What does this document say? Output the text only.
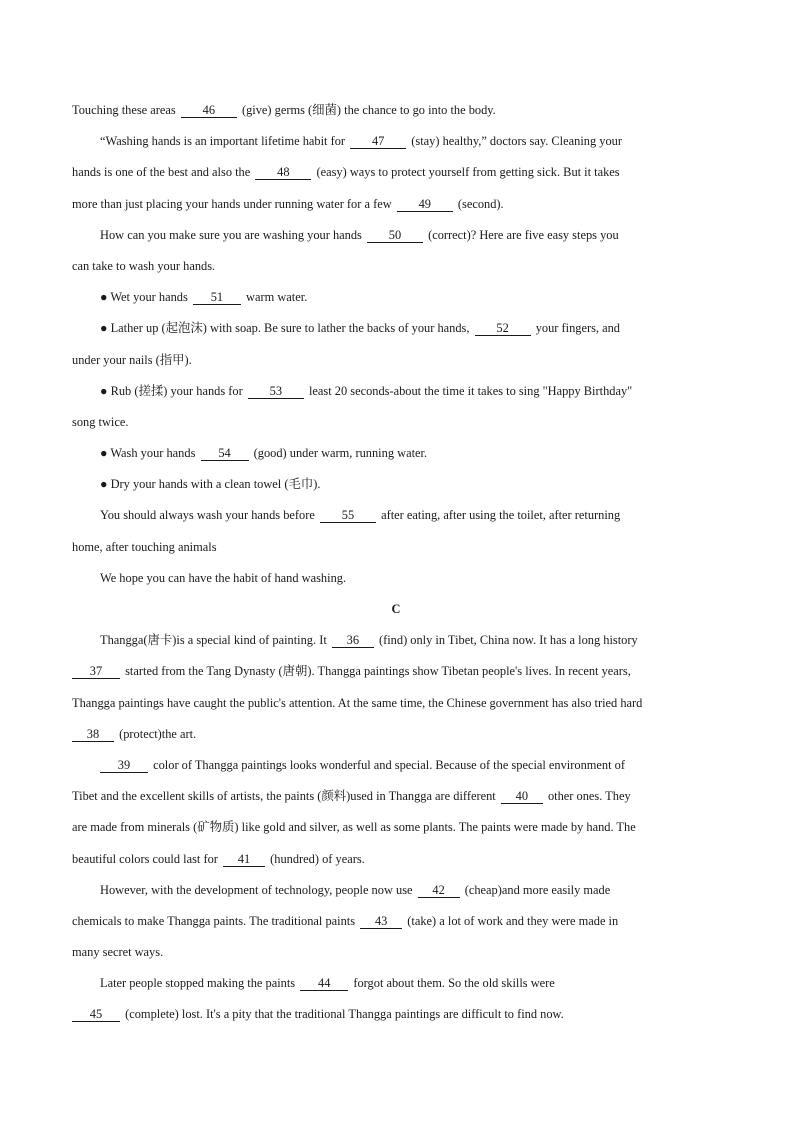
Touching these areas 46 (give) germs (细菌) the chance to go into the body.
“Washing hands is an important lifetime habit for 47 (stay) healthy,” doctors say. Cleaning your
hands is one of the best and also the 48 (easy) ways to protect yourself from getting sick. But it takes
more than just placing your hands under running water for a few 49 (second).
How can you make sure you are washing your hands 50 (correct)? Here are five easy steps you
can take to wash your hands.
● Wet your hands 51 warm water.
● Lather up (起泡沫) with soap. Be sure to lather the backs of your hands, 52 your fingers, and
under your nails (指甲).
● Rub (搓揉) your hands for 53 least 20 seconds-about the time it takes to sing "Happy Birthday"
song twice.
● Wash your hands 54 (good) under warm, running water.
● Dry your hands with a clean towel (毛巾).
You should always wash your hands before 55 after eating, after using the toilet, after returning
home, after touching animals
We hope you can have the habit of hand washing.
C
Thangga(唐卡)is a special kind of painting. It 36 (find) only in Tibet, China now. It has a long history
37 started from the Tang Dynasty (唐朝). Thangga paintings show Tibetan people's lives. In recent years,
Thangga paintings have caught the public's attention. At the same time, the Chinese government has also tried hard
38 (protect)the art.
39 color of Thangga paintings looks wonderful and special. Because of the special environment of
Tibet and the excellent skills of artists, the paints (颜料)used in Thangga are different 40 other ones. They
are made from minerals (矿物质) like gold and silver, as well as some plants. The paints were made by hand. The
beautiful colors could last for 41 (hundred) of years.
However, with the development of technology, people now use 42 (cheap)and more easily made
chemicals to make Thangga paints. The traditional paints 43 (take) a lot of work and they were made in
many secret ways.
Later people stopped making the paints 44 forgot about them. So the old skills were
45 (complete) lost. It's a pity that the traditional Thangga paintings are difficult to find now.
